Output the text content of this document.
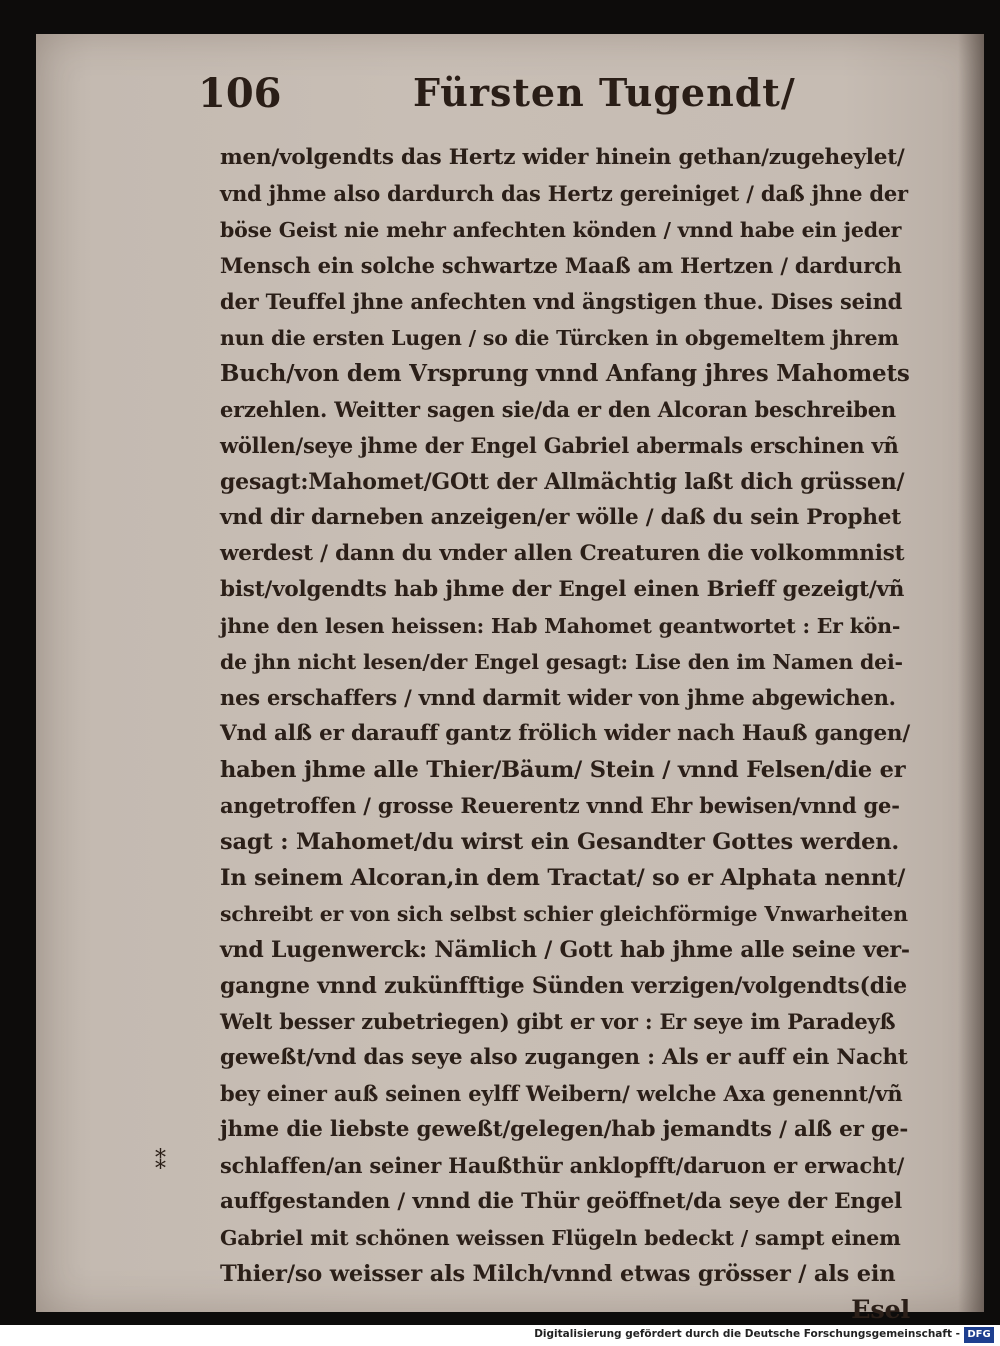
106	Fürsten Tugendt/
men/volgendts das Hertz wider hinein gethan/zugeheylet/
vnd jhme also dardurch das Hertz gereiniget / daß jhne der
böse Geist nie mehr anfechten könden / vnnd habe ein jeder
Mensch ein solche schwartze Maaß am Hertzen / dardurch
der Teuffel jhne anfechten vnd ängstigen thue. Dises seind
nun die ersten Lugen / so die Türcken in obgemeltem jhrem
Buch/von dem Vrsprung vnnd Anfang jhres Mahomets
erzehlen. Weitter sagen sie/da er den Alcoran beschreiben
wöllen/seye jhme der Engel Gabriel abermals erschinen vñ
gesagt:Mahomet/GOtt der Allmächtig laßt dich grüssen/
vnd dir darneben anzeigen/er wölle / daß du sein Prophet
werdest / dann du vnder allen Creaturen die volkommnist
bist/volgendts hab jhme der Engel einen Brieff gezeigt/vñ
jhne den lesen heissen: Hab Mahomet geantwortet : Er kön-
de jhn nicht lesen/der Engel gesagt: Lise den im Namen dei-
nes erschaffers / vnnd darmit wider von jhme abgewichen.
Vnd alß er darauff gantz frölich wider nach Hauß gangen/
haben jhme alle Thier/Bäum/ Stein / vnnd Felsen/die er
angetroffen / grosse Reuerentz vnnd Ehr bewisen/vnnd ge-
sagt : Mahomet/du wirst ein Gesandter Gottes werden.
In seinem Alcoran,in dem Tractat/ so er Alphata nennt/
schreibt er von sich selbst schier gleichförmige Vnwarheiten
vnd Lugenwerck: Nämlich / Gott hab jhme alle seine ver-
gangne vnnd zukünfftige Sünden verzigen/volgendts(die
Welt besser zubetriegen) gibt er vor : Er seye im Paradeyß
geweßt/vnd das seye also zugangen : Als er auff ein Nacht
bey einer auß seinen eylff Weibern/ welche Axa genennt/vñ
jhme die liebste geweßt/gelegen/hab jemandts / alß er ge-
schlaffen/an seiner Haußthür anklopfft/daruon er erwacht/
auffgestanden / vnnd die Thür geöffnet/da seye der Engel
Gabriel mit schönen weissen Flügeln bedeckt / sampt einem
Thier/so weisser als Milch/vnnd etwas grösser / als ein
Esel
⁑
Digitalisierung gefördert durch die Deutsche Forschungsgemeinschaft - DFG
